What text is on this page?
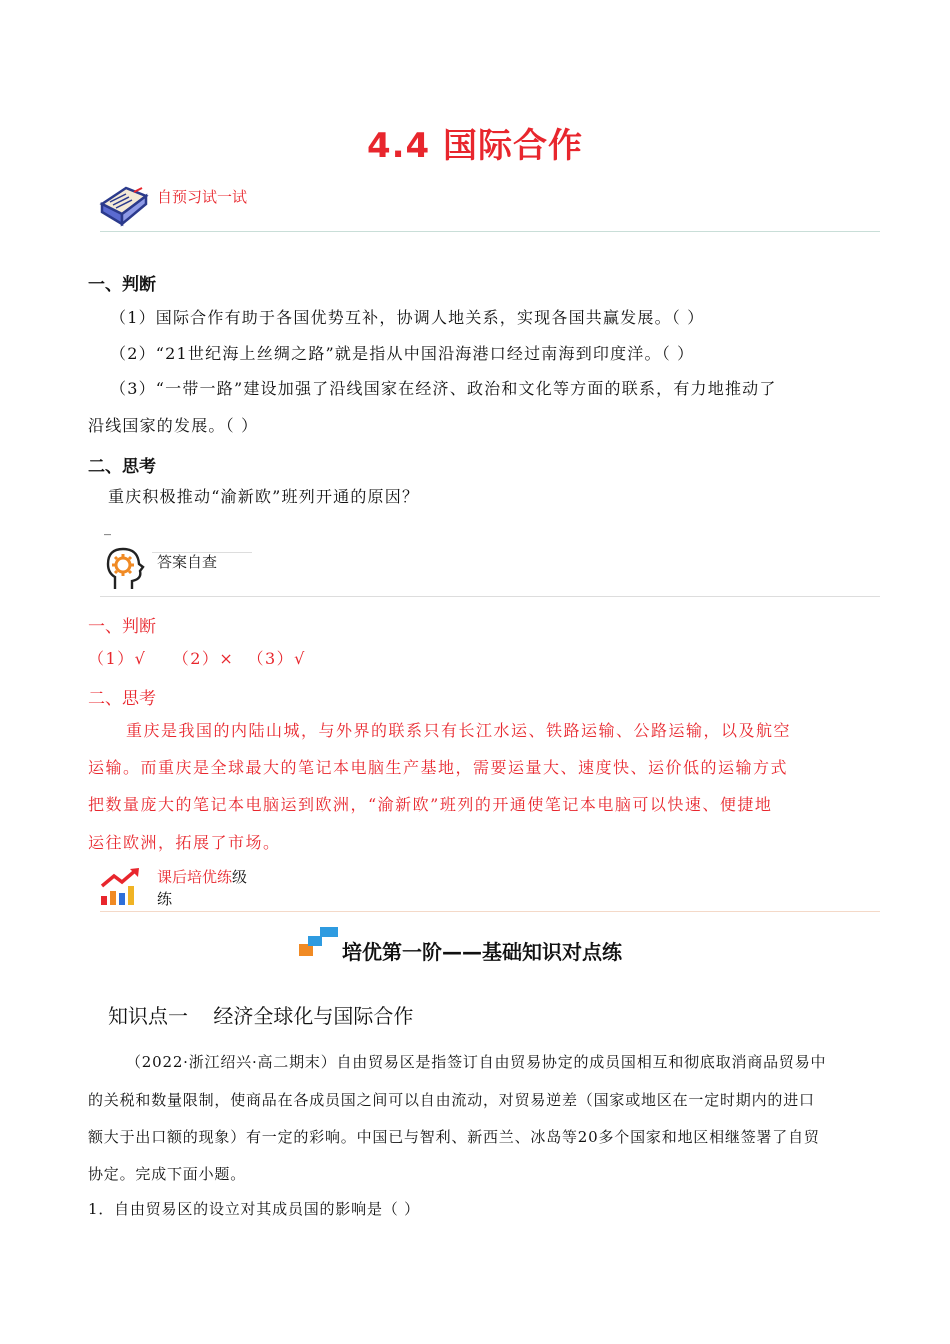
4.4 国际合作
自预习试一试
一、判断
（1）国际合作有助于各国优势互补，协调人地关系，实现各国共赢发展。（ ）
（2）“21世纪海上丝绸之路”就是指从中国沿海港口经过南海到印度洋。（ ）
（3）“一带一路”建设加强了沿线国家在经济、政治和文化等方面的联系，有力地推动了
沿线国家的发展。（ ）
二、思考
重庆积极推动“渝新欧”班列开通的原因？
_
答案自查
一、判断
（1）√    （2）×  （3）√
二、思考
重庆是我国的内陆山城，与外界的联系只有长江水运、铁路运输、公路运输，以及航空
运输。而重庆是全球最大的笔记本电脑生产基地，需要运量大、速度快、运价低的运输方式
把数量庞大的笔记本电脑运到欧洲，“渝新欧”班列的开通使笔记本电脑可以快速、便捷地
运往欧洲，拓展了市场。
课后培优练级
练
培优第一阶——基础知识对点练
知识点一    经济全球化与国际合作
（2022·浙江绍兴·高二期末）自由贸易区是指签订自由贸易协定的成员国相互和彻底取消商品贸易中
的关税和数量限制，使商品在各成员国之间可以自由流动，对贸易逆差（国家或地区在一定时期内的进口
额大于出口额的现象）有一定的彩响。中国已与智利、新西兰、冰岛等20多个国家和地区相继签署了自贸
协定。完成下面小题。
1．自由贸易区的设立对其成员国的影响是（ ）
